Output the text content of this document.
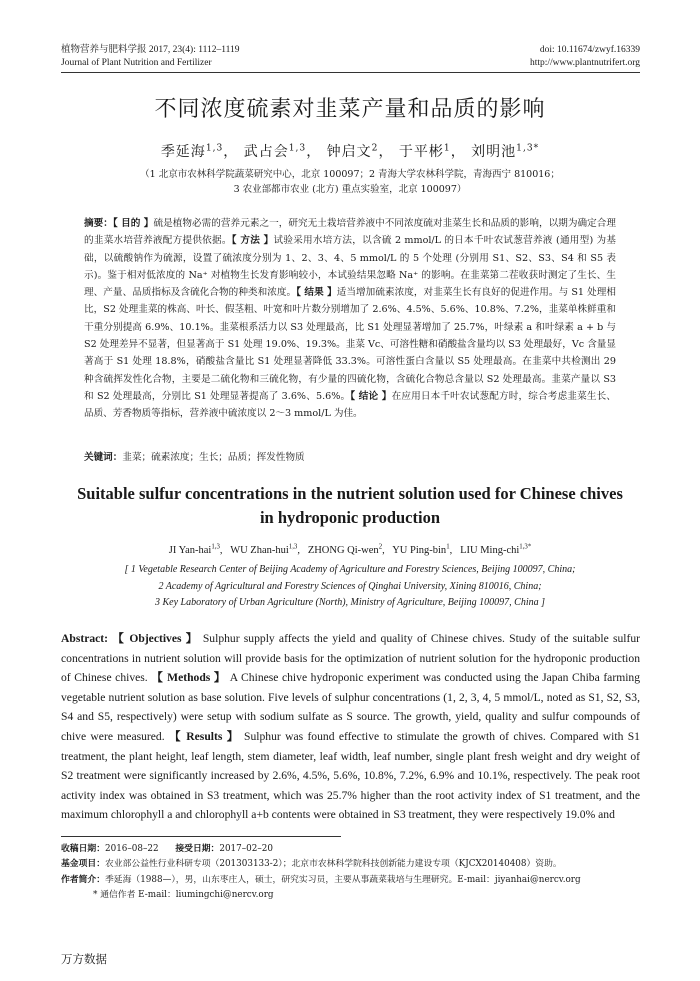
植物营养与肥料学报 2017, 23(4): 1112–1119	doi: 10.11674/zwyf.16339
Journal of Plant Nutrition and Fertilizer	http://www.plantnutrifert.org
不同浓度硫素对韭菜产量和品质的影响
季延海$^{1,3}$， 武占会$^{1,3}$， 钟启文$^2$， 于平彬$^1$， 刘明池$^{1,3*}$
（1 北京市农林科学院蔬菜研究中心，北京 100097；2 青海大学农林科学院，青海西宁 810016；
3 农业部都市农业 (北方) 重点实验室，北京 100097）
摘要：【 目的 】硫是植物必需的营养元素之一，研究无土栽培营养液中不同浓度硫对韭菜生长和品质的影响，以期为确定合理的韭菜水培营养液配方提供依据。【 方法 】试验采用水培方法，以含硫 2 mmol/L 的日本千叶农试葱营养液 (通用型) 为基础，以硫酸钠作为硫源，设置了硫浓度分别为 1、2、3、4、5 mmol/L 的 5 个处理 (分别用 S1、S2、S3、S4 和 S5 表示)。鉴于相对低浓度的 Na⁺ 对植物生长发育影响较小，本试验结果忽略 Na⁺ 的影响。在韭菜第二茬收获时测定了生长、生理、产量、品质指标及含硫化合物的种类和浓度。【 结果 】适当增加硫素浓度，对韭菜生长有良好的促进作用。与 S1 处理相比，S2 处理韭菜的株高、叶长、假茎粗、叶宽和叶片数分别增加了 2.6%、4.5%、5.6%、10.8%、7.2%，韭菜单株鲜重和干重分别提高 6.9%、10.1%。韭菜根系活力以 S3 处理最高，比 S1 处理显著增加了 25.7%，叶绿素 a 和叶绿素 a + b 与 S2 处理差异不显著，但显著高于 S1 处理 19.0%、19.3%。韭菜 Vc、可溶性糖和硝酸盐含量均以 S3 处理最好，Vc 含量显著高于 S1 处理 18.8%，硝酸盐含量比 S1 处理显著降低 33.3%。可溶性蛋白含量以 S5 处理最高。在韭菜中共检测出 29 种含硫挥发性化合物，主要是二硫化物和三硫化物，有少量的四硫化物，含硫化合物总含量以 S2 处理最高。韭菜产量以 S3 和 S2 处理最高，分别比 S1 处理显著提高了 3.6%、5.6%。【 结论 】在应用日本千叶农试葱配方时，综合考虑韭菜生长、品质、芳香物质等指标，营养液中硫浓度以 2～3 mmol/L 为佳。
关键词：韭菜；硫素浓度；生长；品质；挥发性物质
Suitable sulfur concentrations in the nutrient solution used for Chinese chives
in hydroponic production
JI Yan-hai$^{1,3}$,   WU Zhan-hui$^{1,3}$,   ZHONG Qi-wen$^2$,   YU Ping-bin$^1$,   LIU Ming-chi$^{1,3*}$
[ 1 Vegetable Research Center of Beijing Academy of Agriculture and Forestry Sciences, Beijing 100097, China;
2 Academy of Agricultural and Forestry Sciences of Qinghai University, Xining 810016, China;
3 Key Laboratory of Urban Agriculture (North), Ministry of Agriculture, Beijing 100097, China ]
Abstract: 【 Objectives 】 Sulphur supply affects the yield and quality of Chinese chives. Study of the suitable sulfur concentrations in nutrient solution will provide basis for the optimization of nutrient solution for the hydroponic production of Chinese chives. 【 Methods 】 A Chinese chive hydroponic experiment was conducted using the Japan Chiba farming vegetable nutrient solution as base solution. Five levels of sulphur concentrations (1, 2, 3, 4, 5 mmol/L, noted as S1, S2, S3, S4 and S5, respectively) were setup with sodium sulfate as S source. The growth, yield, quality and sulfur compounds of chive were measured. 【 Results 】 Sulphur was found effective to stimulate the growth of chives. Compared with S1 treatment, the plant height, leaf length, stem diameter, leaf width, leaf number, single plant fresh weight and dry weight of S2 treatment were significantly increased by 2.6%, 4.5%, 5.6%, 10.8%, 7.2%, 6.9% and 10.1%, respectively. The peak root activity index was obtained in S3 treatment, which was 25.7% higher than the root activity index of S1 treatment, and the maximum chlorophyll a and chlorophyll a+b contents were obtained in S3 treatment, they were respectively 19.0% and
收稿日期：2016–08–22 接受日期：2017–02–20
基金项目：农业部公益性行业科研专项（201303133-2）；北京市农林科学院科技创新能力建设专项（KJCX20140408）资助。
作者简介：季延海（1988—），男，山东枣庄人，硕士，研究实习员，主要从事蔬菜栽培与生理研究。E-mail：jiyanhai@nercv.org
* 通信作者 E-mail：liumingchi@nercv.org
万方数据
